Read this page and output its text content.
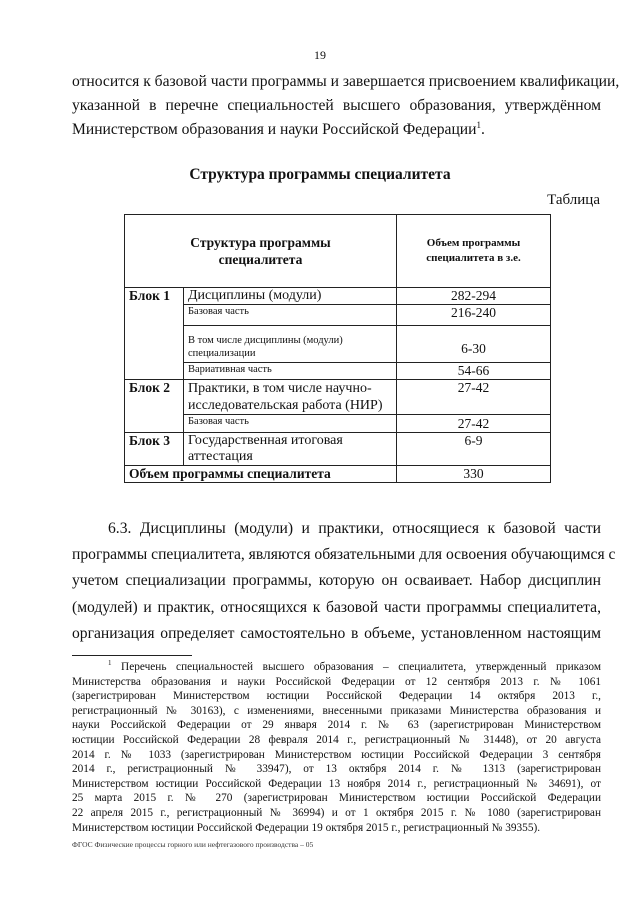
19

относится к базовой части программы и завершается присвоением квалификации,
указанной в перечне специальностей высшего образования, утверждённом
Министерством образования и науки Российской Федерации$^1$.

Структура программы специалитета
Таблица
Структура программы
специалитета		Объем программы
специалитета в з.е.
Блок 1	Дисциплины (модули)	282-294
	Базовая часть	216-240
	В том числе дисциплины (модули)
специализации	6-30
	Вариативная часть	54-66
Блок 2	Практики, в том числе научно-
исследовательская работа (НИР)	27-42
	Базовая часть	27-42
Блок 3	Государственная итоговая
аттестация	6-9
Объем программы специалитета		330

6.3. Дисциплины (модули) и практики, относящиеся к базовой части
программы специалитета, являются обязательными для освоения обучающимся с
учетом специализации программы, которую он осваивает. Набор дисциплин
(модулей) и практик, относящихся к базовой части программы специалитета,
организация определяет самостоятельно в объеме, установленном настоящим

$^1$ Перечень специальностей высшего образования – специалитета, утвержденный приказом
Министерства образования и науки Российской Федерации от 12 сентября 2013 г. № 1061
(зарегистрирован Министерством юстиции Российской Федерации 14 октября 2013 г.,
регистрационный № 30163), с изменениями, внесенными приказами Министерства образования и
науки Российской Федерации от 29 января 2014 г. № 63 (зарегистрирован Министерством
юстиции Российской Федерации 28 февраля 2014 г., регистрационный № 31448), от 20 августа
2014 г. № 1033 (зарегистрирован Министерством юстиции Российской Федерации 3 сентября
2014 г., регистрационный № 33947), от 13 октября 2014 г. № 1313 (зарегистрирован
Министерством юстиции Российской Федерации 13 ноября 2014 г., регистрационный № 34691), от
25 марта 2015 г. № 270 (зарегистрирован Министерством юстиции Российской Федерации
22 апреля 2015 г., регистрационный № 36994) и от 1 октября 2015 г. № 1080 (зарегистрирован
Министерством юстиции Российской Федерации 19 октября 2015 г., регистрационный № 39355).

ФГОС Физические процессы горного или нефтегазового производства – 05
